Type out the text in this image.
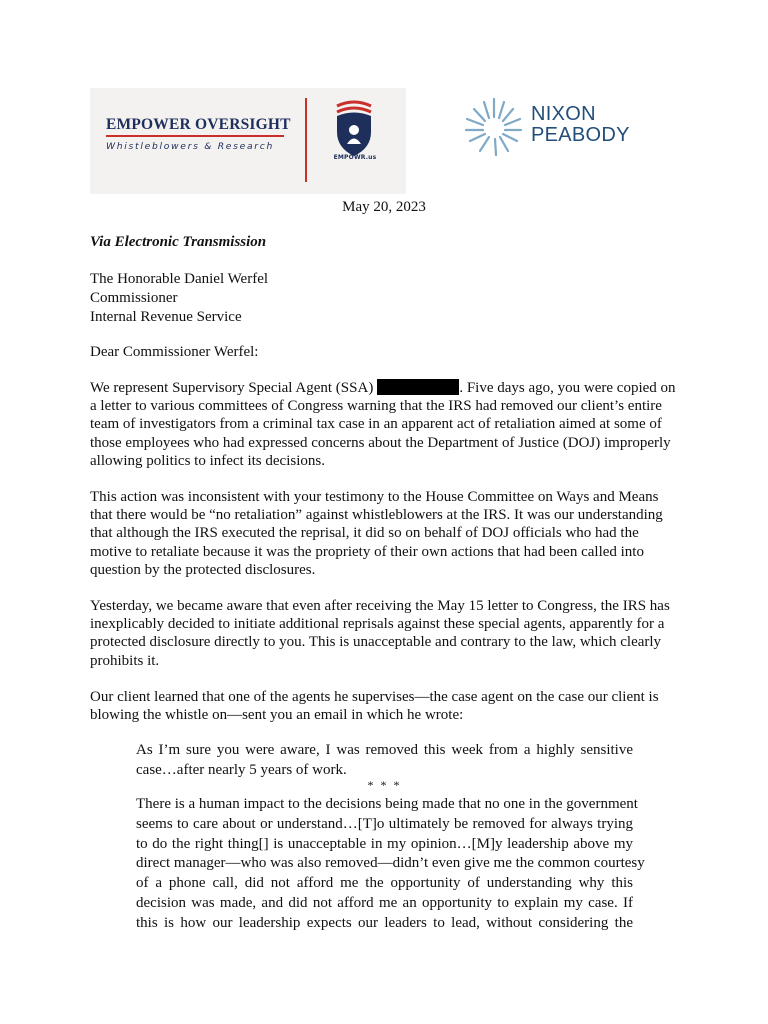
EMPOWER OVERSIGHT
Whistleblowers & Research
EMPOWR.us
NIXON
PEABODY
May 20, 2023
Via Electronic Transmission
The Honorable Daniel Werfel
Commissioner
Internal Revenue Service
Dear Commissioner Werfel:
We represent Supervisory Special Agent (SSA)	. Five days ago, you were copied on
a letter to various committees of Congress warning that the IRS had removed our client’s entire
team of investigators from a criminal tax case in an apparent act of retaliation aimed at some of
those employees who had expressed concerns about the Department of Justice (DOJ) improperly
allowing politics to infect its decisions.
This action was inconsistent with your testimony to the House Committee on Ways and Means
that there would be “no retaliation” against whistleblowers at the IRS. It was our understanding
that although the IRS executed the reprisal, it did so on behalf of DOJ officials who had the
motive to retaliate because it was the propriety of their own actions that had been called into
question by the protected disclosures.
Yesterday, we became aware that even after receiving the May 15 letter to Congress, the IRS has
inexplicably decided to initiate additional reprisals against these special agents, apparently for a
protected disclosure directly to you. This is unacceptable and contrary to the law, which clearly
prohibits it.
Our client learned that one of the agents he supervises—the case agent on the case our client is
blowing the whistle on—sent you an email in which he wrote:
As I’m sure you were aware, I was removed this week from a highly sensitive
case…after nearly 5 years of work.
* * *
There is a human impact to the decisions being made that no one in the government
seems to care about or understand…[T]o ultimately be removed for always trying
to do the right thing[] is unacceptable in my opinion…[M]y leadership above my
direct manager—who was also removed—didn’t even give me the common courtesy
of a phone call, did not afford me the opportunity of understanding why this
decision was made, and did not afford me an opportunity to explain my case. If
this is how our leadership expects our leaders to lead, without considering the
